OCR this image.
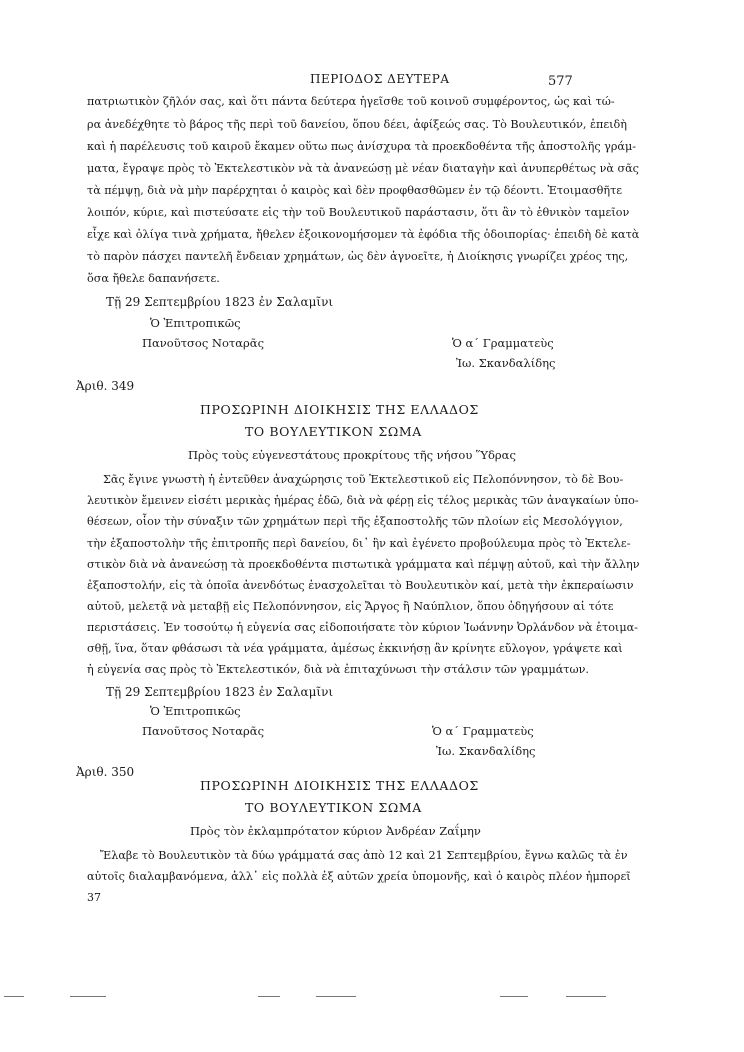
ΠΕΡΙΟΔΟΣ ΔΕΥΤΕΡΑ	577
πατριωτικὸν ζῆλόν σας, καὶ ὅτι πάντα δεύτερα ἡγεῖσθε τοῦ κοινοῦ συμφέροντος, ὡς καὶ τώ-
ρα ἀνεδέχθητε τὸ βάρος τῆς περὶ τοῦ δανείου, ὅπου δέει, ἀφίξεώς σας. Τὸ Βουλευτικόν, ἐπειδὴ
καὶ ἡ παρέλευσις τοῦ καιροῦ ἔκαμεν οὕτω πως ἀνίσχυρα τὰ προεκδοθέντα τῆς ἀποστολῆς γράμ-
ματα, ἔγραψε πρὸς τὸ Ἐκτελεστικὸν νὰ τὰ ἀνανεώσῃ μὲ νέαν διαταγὴν καὶ ἀνυπερθέτως νὰ σᾶς
τὰ πέμψῃ, διὰ νὰ μὴν παρέρχηται ὁ καιρὸς καὶ δὲν προφθασθῶμεν ἐν τῷ δέοντι. Ἑτοιμασθῆτε
λοιπόν, κύριε, καὶ πιστεύσατε εἰς τὴν τοῦ Βουλευτικοῦ παράστασιν, ὅτι ἂν τὸ ἐθνικὸν ταμεῖον
εἶχε καὶ ὀλίγα τινὰ χρήματα, ἤθελεν ἐξοικονομήσομεν τὰ ἐφόδια τῆς ὁδοιπορίας· ἐπειδὴ δὲ κατὰ
τὸ παρὸν πάσχει παντελῆ ἔνδειαν χρημάτων, ὡς δὲν ἀγνοεῖτε, ἡ Διοίκησις γνωρίζει χρέος της,
ὅσα ἤθελε δαπανήσετε.
Τῇ 29 Σεπτεμβρίου 1823 ἐν Σαλαμῖνι
Ὁ Ἐπιτροπικῶς
Πανοῦτσος Νοταρᾶς	Ὁ α΄ Γραμματεὺς
Ἰω. Σκανδαλίδης
Ἀριθ. 349
ΠΡΟΣΩΡΙΝΗ ΔΙΟΙΚΗΣΙΣ ΤΗΣ ΕΛΛΑΔΟΣ
ΤΟ ΒΟΥΛΕΥΤΙΚΟΝ ΣΩΜΑ
Πρὸς τοὺς εὐγενεστάτους προκρίτους τῆς νήσου Ὕδρας
Σᾶς ἔγινε γνωστὴ ἡ ἐντεῦθεν ἀναχώρησις τοῦ Ἐκτελεστικοῦ εἰς Πελοπόννησον, τὸ δὲ Βου-
λευτικὸν ἔμεινεν εἰσέτι μερικὰς ἡμέρας ἐδῶ, διὰ νὰ φέρῃ εἰς τέλος μερικὰς τῶν ἀναγκαίων ὑπο-
θέσεων, οἷον τὴν σύναξιν τῶν χρημάτων περὶ τῆς ἐξαποστολῆς τῶν πλοίων εἰς Μεσολόγγιον,
τὴν ἐξαποστολὴν τῆς ἐπιτροπῆς περὶ δανείου, δι᾽ ἣν καὶ ἐγένετο προβούλευμα πρὸς τὸ Ἐκτελε-
στικὸν διὰ νὰ ἀνανεώσῃ τὰ προεκδοθέντα πιστωτικὰ γράμματα καὶ πέμψῃ αὐτοῦ, καὶ τὴν ἄλλην
ἐξαποστολήν, εἰς τὰ ὁποῖα ἀνενδότως ἐνασχολεῖται τὸ Βουλευτικὸν καί, μετὰ τὴν ἐκπεραίωσιν
αὐτοῦ, μελετᾷ νὰ μεταβῇ εἰς Πελοπόννησον, εἰς Ἄργος ἢ Ναύπλιον, ὅπου ὁδηγήσουν αἱ τότε
περιστάσεις. Ἐν τοσούτῳ ἡ εὐγενία σας εἰδοποιήσατε τὸν κύριον Ἰωάννην Ὀρλάνδον νὰ ἑτοιμα-
σθῇ, ἵνα, ὅταν φθάσωσι τὰ νέα γράμματα, ἀμέσως ἐκκινήσῃ ἂν κρίνητε εὔλογον, γράψετε καὶ
ἡ εὐγενία σας πρὸς τὸ Ἐκτελεστικόν, διὰ νὰ ἐπιταχύνωσι τὴν στάλσιν τῶν γραμμάτων.
Τῇ 29 Σεπτεμβρίου 1823 ἐν Σαλαμῖνι
Ὁ Ἐπιτροπικῶς
Πανοῦτσος Νοταρᾶς	Ὁ α΄ Γραμματεὺς
Ἰω. Σκανδαλίδης
Ἀριθ. 350
ΠΡΟΣΩΡΙΝΗ ΔΙΟΙΚΗΣΙΣ ΤΗΣ ΕΛΛΑΔΟΣ
ΤΟ ΒΟΥΛΕΥΤΙΚΟΝ ΣΩΜΑ
Πρὸς τὸν ἐκλαμπρότατον κύριον Ἀνδρέαν Ζαΐμην
Ἔλαβε τὸ Βουλευτικὸν τὰ δύω γράμματά σας ἀπὸ 12 καὶ 21 Σεπτεμβρίου, ἔγνω καλῶς τὰ ἐν
αὐτοῖς διαλαμβανόμενα, ἀλλ᾽ εἰς πολλὰ ἐξ αὐτῶν χρεία ὑπομονῆς, καὶ ὁ καιρὸς πλέον ἠμπορεῖ
37
